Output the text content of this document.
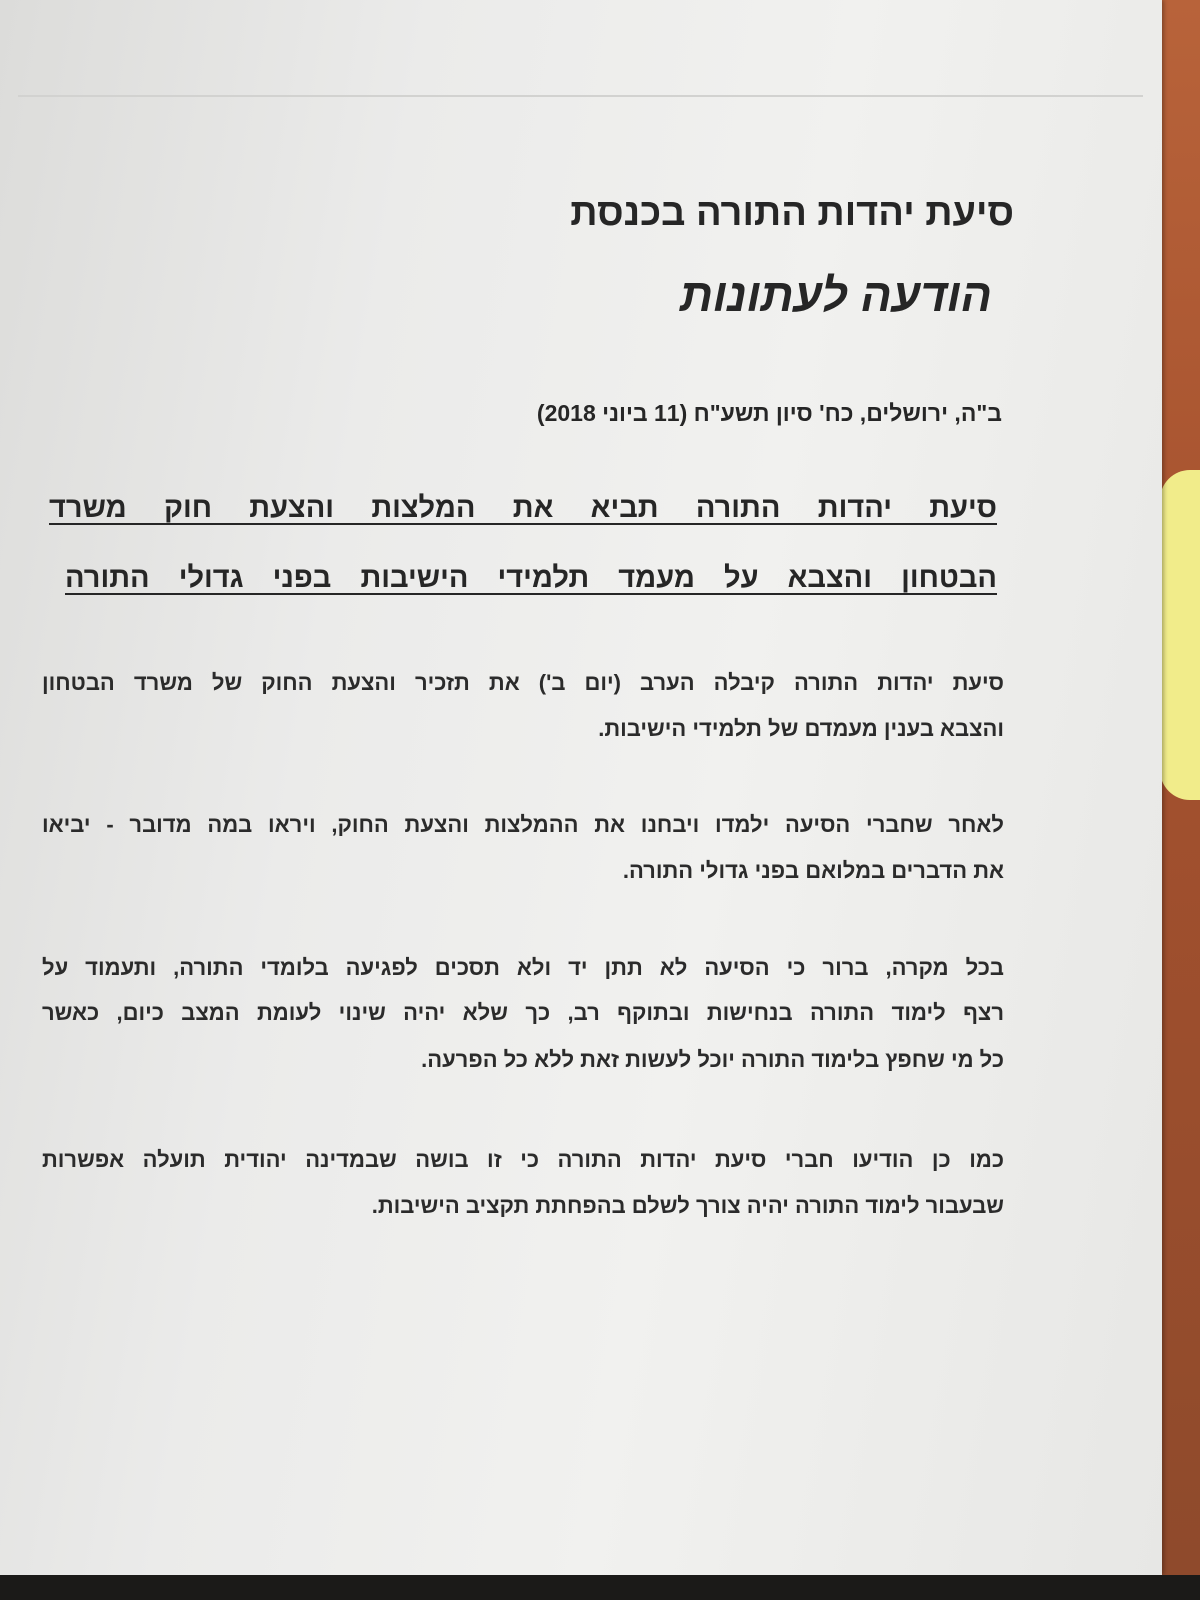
סיעת יהדות התורה בכנסת
הודעה לעתונות
ב"ה, ירושלים, כח' סיון תשע"ח (11 ביוני 2018)
סיעת יהדות התורה תביא את המלצות והצעת חוק משרד
הבטחון והצבא על מעמד תלמידי הישיבות בפני גדולי התורה
סיעת יהדות התורה קיבלה הערב (יום ב') את תזכיר והצעת החוק של משרד הבטחון
והצבא בענין מעמדם של תלמידי הישיבות.
לאחר שחברי הסיעה ילמדו ויבחנו את ההמלצות והצעת החוק, ויראו במה מדובר - יביאו
את הדברים במלואם בפני גדולי התורה.
בכל מקרה, ברור כי הסיעה לא תתן יד ולא תסכים לפגיעה בלומדי התורה, ותעמוד על
רצף לימוד התורה בנחישות ובתוקף רב, כך שלא יהיה שינוי לעומת המצב כיום, כאשר
כל מי שחפץ בלימוד התורה יוכל לעשות זאת ללא כל הפרעה.
כמו כן הודיעו חברי סיעת יהדות התורה כי זו בושה שבמדינה יהודית תועלה אפשרות
שבעבור לימוד התורה יהיה צורך לשלם בהפחתת תקציב הישיבות.
